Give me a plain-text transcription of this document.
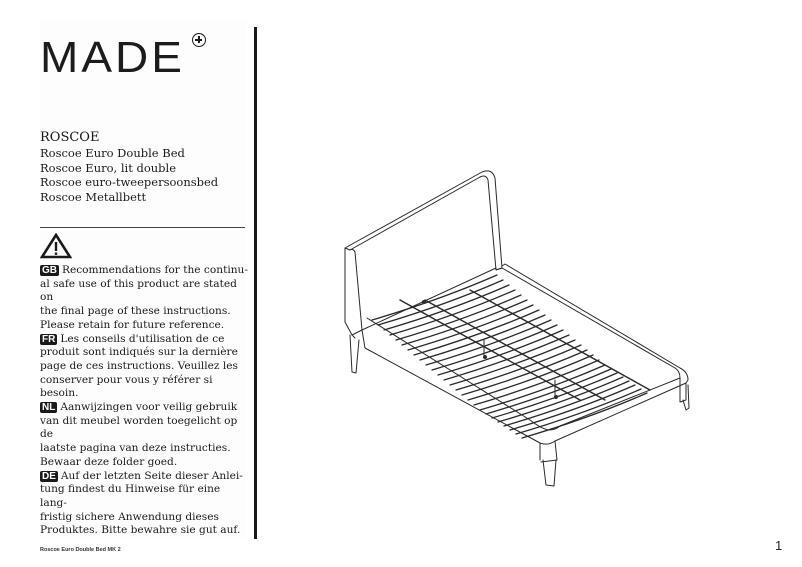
MADE
ROSCOE
Roscoe Euro Double Bed
Roscoe Euro, lit double
Roscoe euro-tweepersoonsbed
Roscoe Metallbett

GB Recommendations for the continu-

al safe use of this product are stated on

the final page of these instructions.

Please retain for future reference.

FR Les conseils d'utilisation de ce

produit sont indiqués sur la dernière

page de ces instructions. Veuillez les

conserver pour vous y référer si besoin.

NL Aanwijzingen voor veilig gebruik

van dit meubel worden toegelicht op de

laatste pagina van deze instructies.

Bewaar deze folder goed.

DE Auf der letzten Seite dieser Anlei-

tung findest du Hinweise für eine lang-

fristig sichere Anwendung dieses

Produktes. Bitte bewahre sie gut auf.

Roscoe Euro Double Bed MK 2	1
